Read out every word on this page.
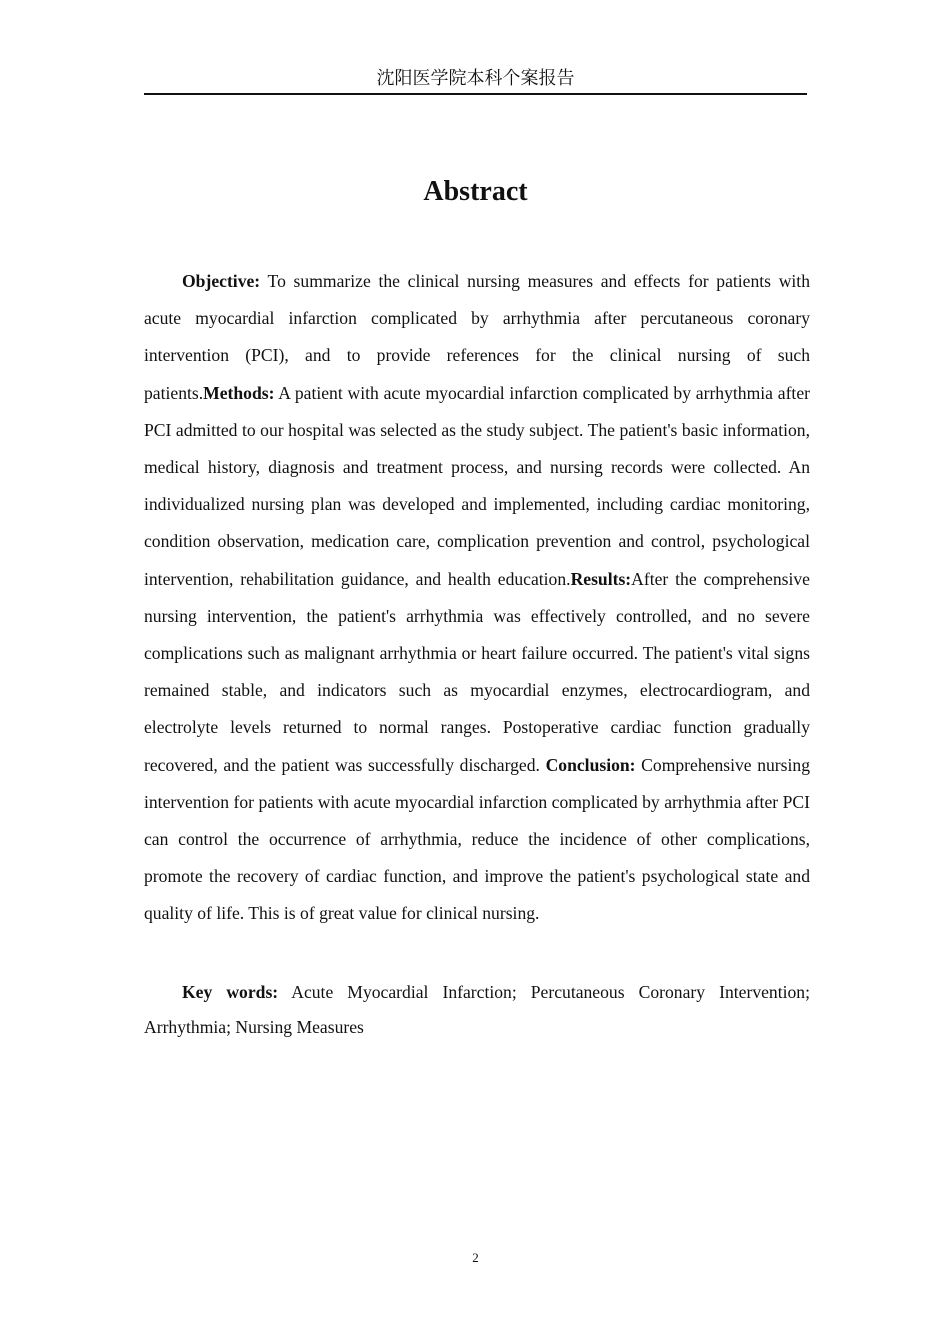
沈阳医学院本科个案报告
Abstract

Objective: To summarize the clinical nursing measures and effects for patients with acute myocardial infarction complicated by arrhythmia after percutaneous coronary intervention (PCI), and to provide references for the clinical nursing of such patients.Methods: A patient with acute myocardial infarction complicated by arrhythmia after PCI admitted to our hospital was selected as the study subject. The patient's basic information, medical history, diagnosis and treatment process, and nursing records were collected. An individualized nursing plan was developed and implemented, including cardiac monitoring, condition observation, medication care, complication prevention and control, psychological intervention, rehabilitation guidance, and health education.Results:After the comprehensive nursing intervention, the patient's arrhythmia was effectively controlled, and no severe complications such as malignant arrhythmia or heart failure occurred. The patient's vital signs remained stable, and indicators such as myocardial enzymes, electrocardiogram, and electrolyte levels returned to normal ranges. Postoperative cardiac function gradually recovered, and the patient was successfully discharged. Conclusion: Comprehensive nursing intervention for patients with acute myocardial infarction complicated by arrhythmia after PCI can control the occurrence of arrhythmia, reduce the incidence of other complications, promote the recovery of cardiac function, and improve the patient's psychological state and quality of life. This is of great value for clinical nursing.

Key words: Acute Myocardial Infarction; Percutaneous Coronary Intervention; Arrhythmia; Nursing Measures

2
